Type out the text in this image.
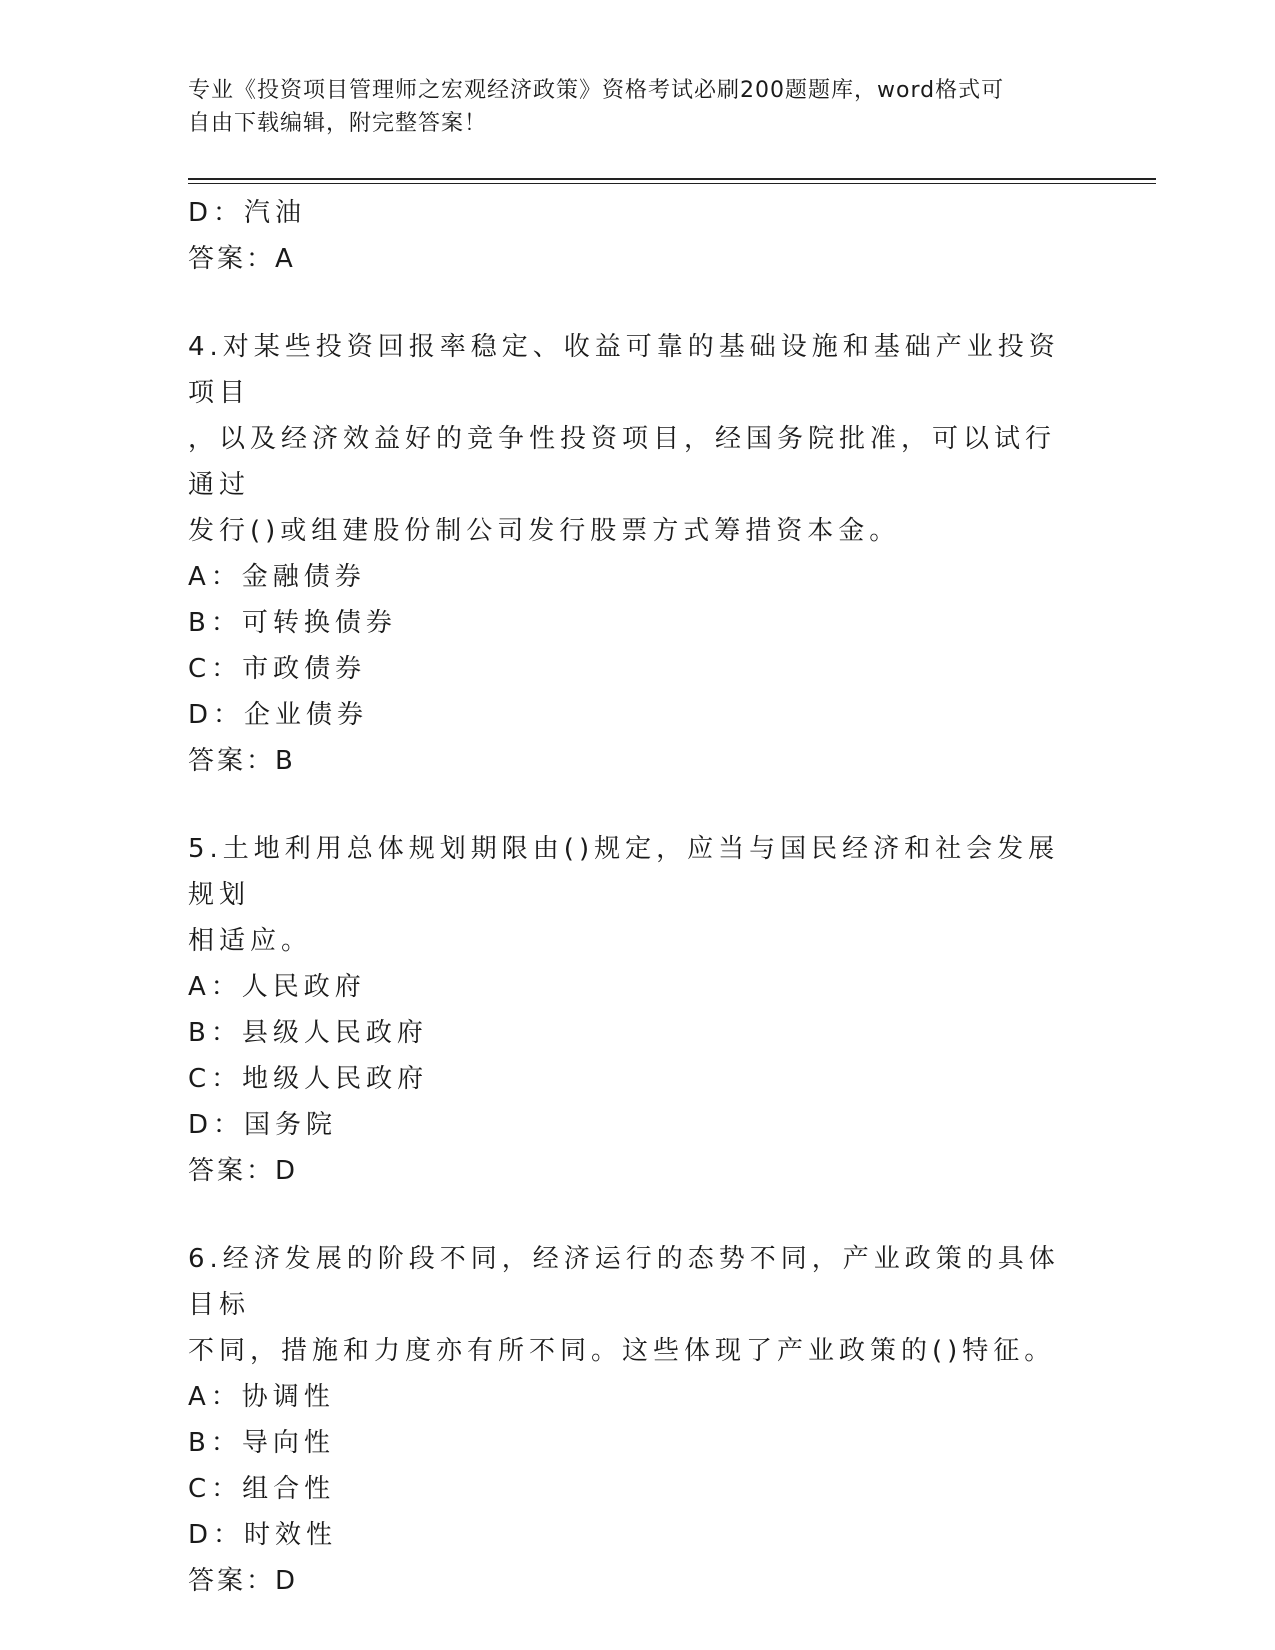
专业《投资项目管理师之宏观经济政策》资格考试必刷200题题库，word格式可
自由下载编辑，附完整答案！
D：汽油
答案：A
4.对某些投资回报率稳定、收益可靠的基础设施和基础产业投资项目
，以及经济效益好的竞争性投资项目，经国务院批准，可以试行通过
发行()或组建股份制公司发行股票方式筹措资本金。
A：金融债券
B：可转换债券
C：市政债券
D：企业债券
答案：B
5.土地利用总体规划期限由()规定，应当与国民经济和社会发展规划
相适应。
A：人民政府
B：县级人民政府
C：地级人民政府
D：国务院
答案：D
6.经济发展的阶段不同，经济运行的态势不同，产业政策的具体目标
不同，措施和力度亦有所不同。这些体现了产业政策的()特征。
A：协调性
B：导向性
C：组合性
D：时效性
答案：D
